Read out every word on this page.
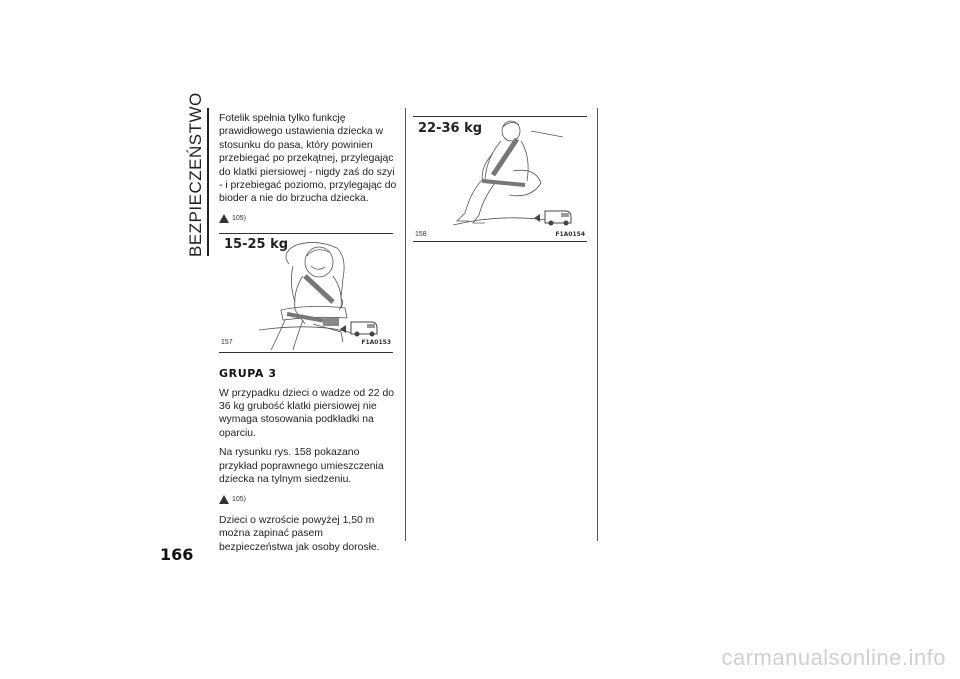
BEZPIECZEŃSTWO
166

Fotelik spełnia tylko funkcję prawidłowego ustawienia dziecka w stosunku do pasa, który powinien przebiegać po przekątnej, przylegając do klatki piersiowej - nigdy zaś do szyi - i przebiegać poziomo, przylegając do bioder a nie do brzucha dziecka.

105)
15-25 kg
157	F1A0153
GRUPA 3

W przypadku dzieci o wadze od 22 do 36 kg grubość klatki piersiowej nie wymaga stosowania podkładki na oparciu.

Na rysunku rys. 158 pokazano przykład poprawnego umieszczenia dziecka na tylnym siedzeniu.

105)

Dzieci o wzroście powyżej 1,50 m można zapinać pasem bezpieczeństwa jak osoby dorosłe.

22-36 kg
158	F1A0154
carmanualsonline.info
